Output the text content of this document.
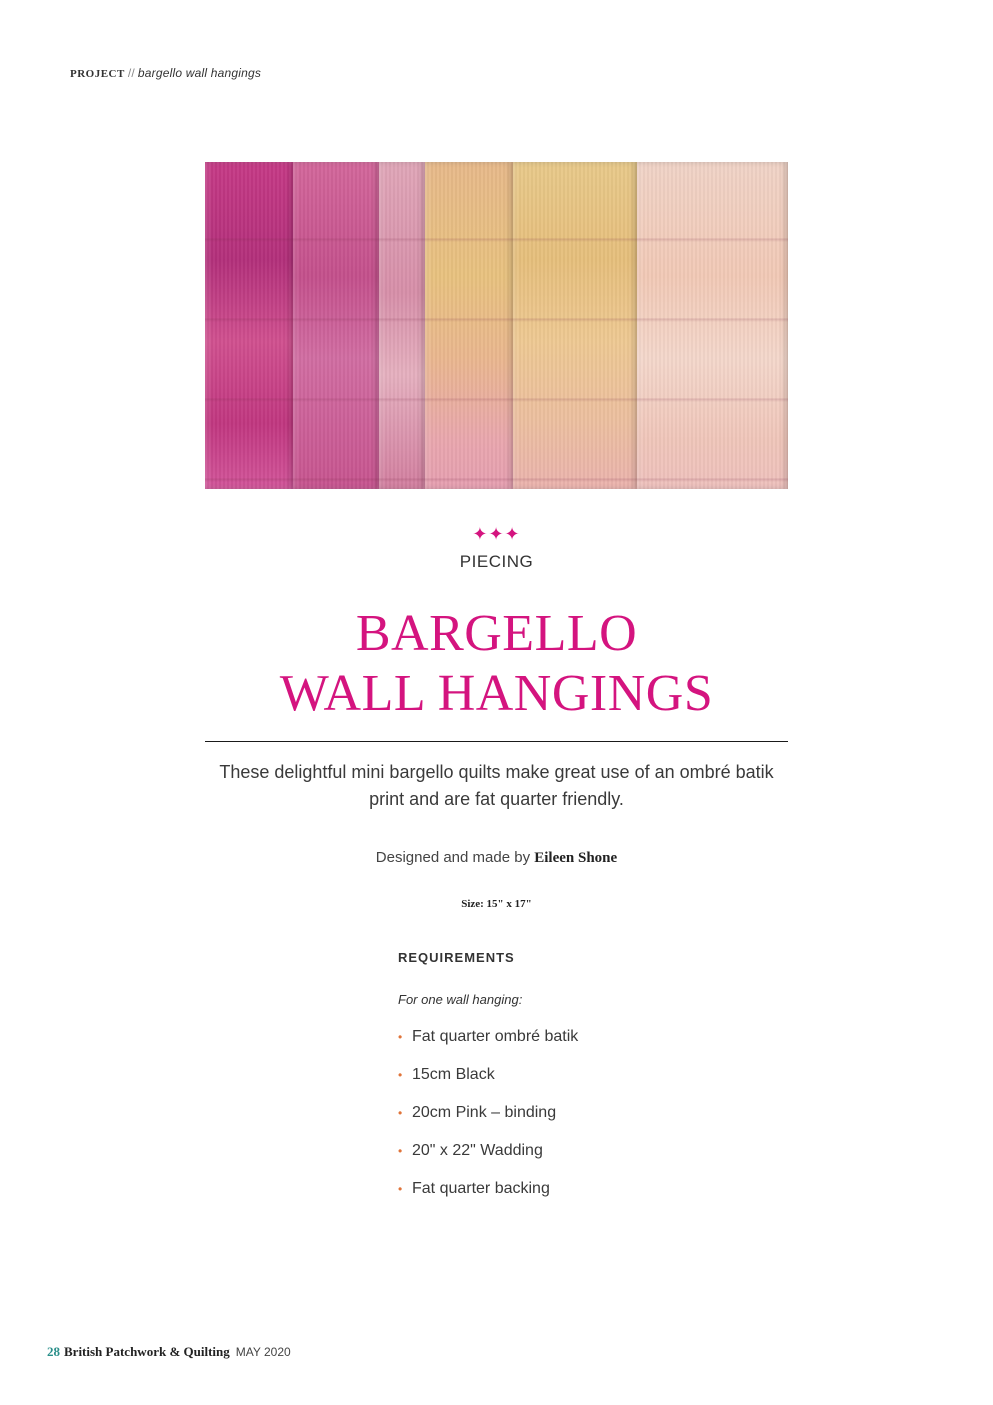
PROJECT // bargello wall hangings
✦✦✦
PIECING
BARGELLO
WALL HANGINGS
These delightful mini bargello quilts make great use of an ombré batik print and are fat quarter friendly.
Designed and made by Eileen Shone
Size: 15" x 17"
REQUIREMENTS
For one wall hanging:
• Fat quarter ombré batik
• 15cm Black
• 20cm Pink – binding
• 20" x 22" Wadding
• Fat quarter backing
28 British Patchwork & Quilting MAY 2020
